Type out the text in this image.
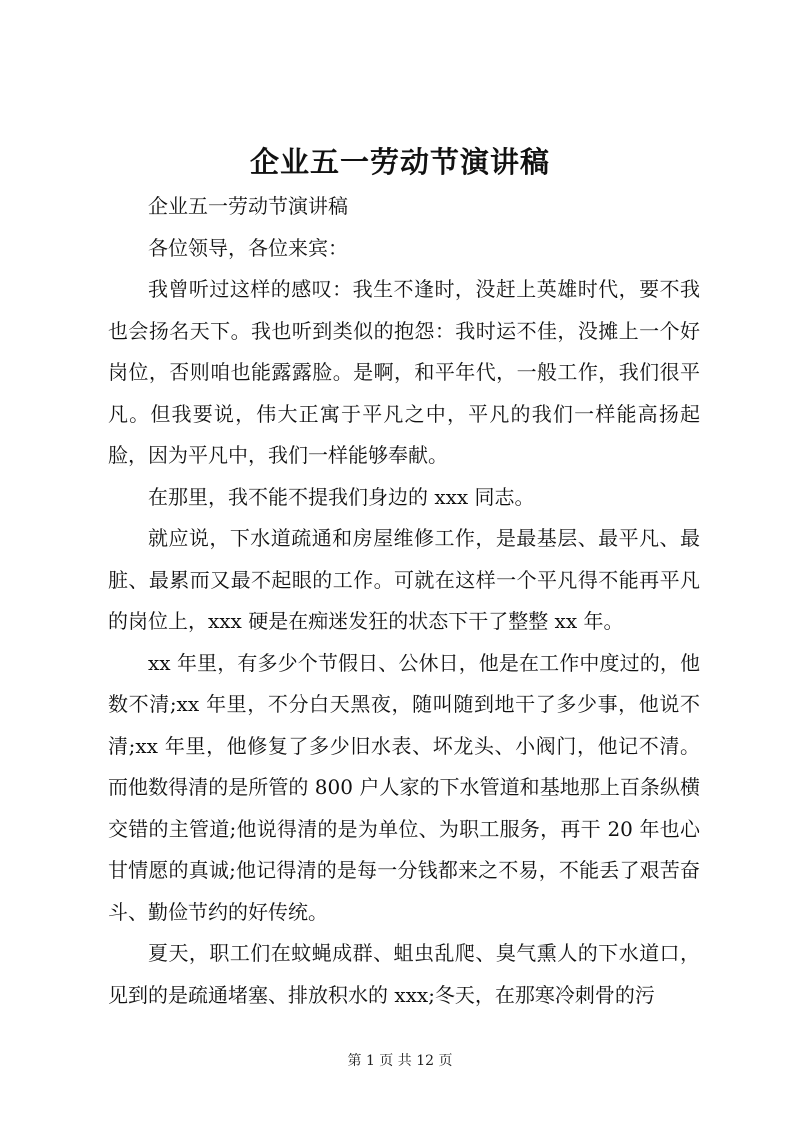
企业五一劳动节演讲稿

企业五一劳动节演讲稿

各位领导，各位来宾：

我曾听过这样的感叹：我生不逢时，没赶上英雄时代，要不我也会扬名天下。我也听到类似的抱怨：我时运不佳，没摊上一个好岗位，否则咱也能露露脸。是啊，和平年代，一般工作，我们很平凡。但我要说，伟大正寓于平凡之中，平凡的我们一样能高扬起脸，因为平凡中，我们一样能够奉献。

在那里，我不能不提我们身边的 xxx 同志。

就应说，下水道疏通和房屋维修工作，是最基层、最平凡、最脏、最累而又最不起眼的工作。可就在这样一个平凡得不能再平凡的岗位上，xxx 硬是在痴迷发狂的状态下干了整整 xx 年。

xx 年里，有多少个节假日、公休日，他是在工作中度过的，他数不清;xx 年里，不分白天黑夜，随叫随到地干了多少事，他说不清;xx 年里，他修复了多少旧水表、坏龙头、小阀门，他记不清。而他数得清的是所管的 800 户人家的下水管道和基地那上百条纵横交错的主管道;他说得清的是为单位、为职工服务，再干 20 年也心甘情愿的真诚;他记得清的是每一分钱都来之不易，不能丢了艰苦奋斗、勤俭节约的好传统。

夏天，职工们在蚊蝇成群、蛆虫乱爬、臭气熏人的下水道口，见到的是疏通堵塞、排放积水的 xxx;冬天，在那寒冷刺骨的污

第 1 页 共 12 页
